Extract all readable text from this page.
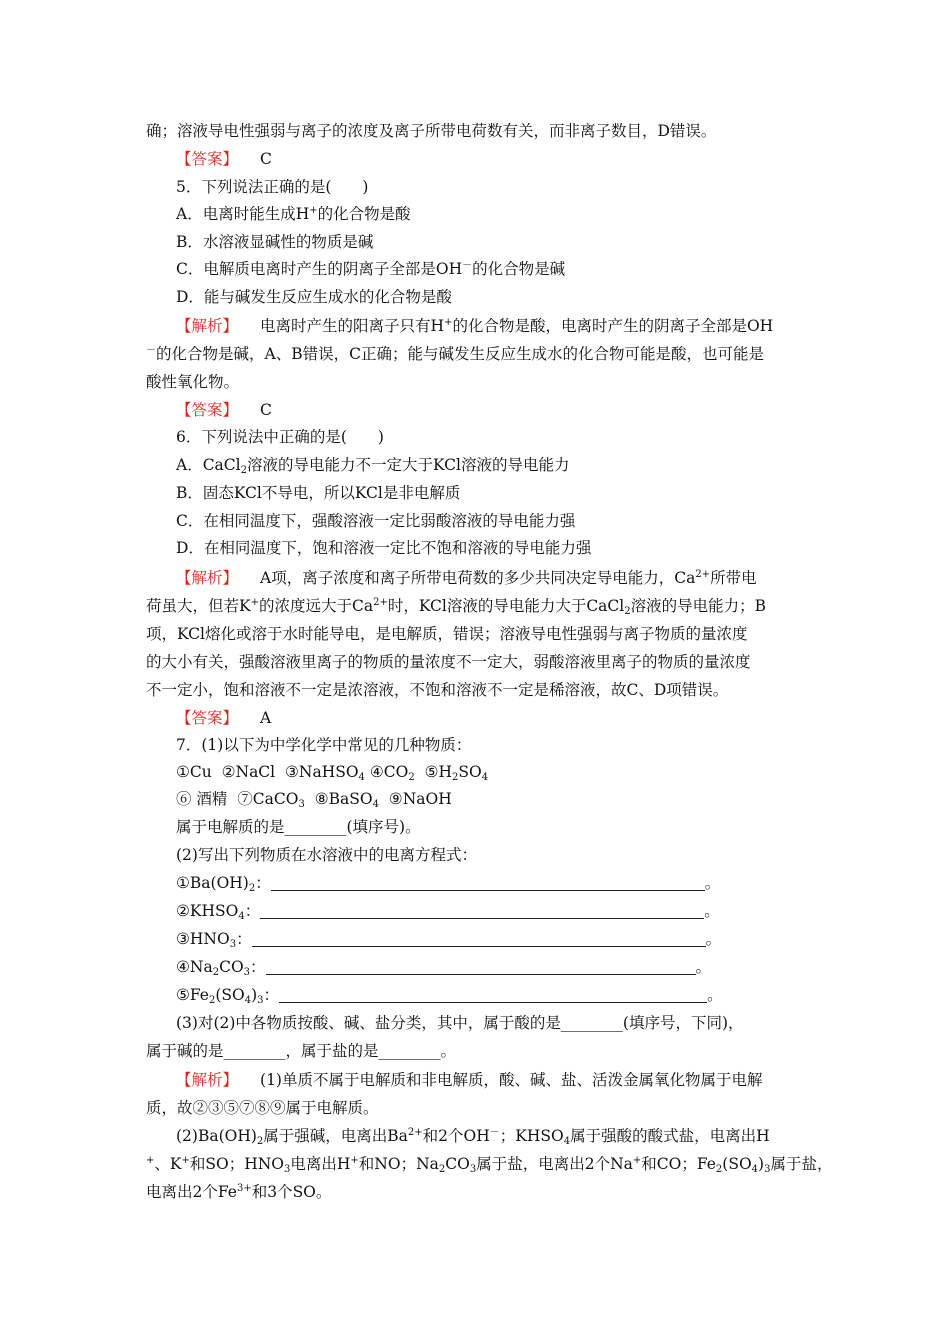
确；溶液导电性强弱与离子的浓度及离子所带电荷数有关，而非离子数目，D错误。
【答案】 C
5．下列说法正确的是(　　)
A．电离时能生成H+的化合物是酸
B．水溶液显碱性的物质是碱
C．电解质电离时产生的阴离子全部是OH－的化合物是碱
D．能与碱发生反应生成水的化合物是酸
【解析】 电离时产生的阳离子只有H+的化合物是酸，电离时产生的阴离子全部是OH
－的化合物是碱，A、B错误，C正确；能与碱发生反应生成水的化合物可能是酸，也可能是
酸性氧化物。
【答案】 C
6．下列说法中正确的是(　　)
A．CaCl$_2$溶液的导电能力不一定大于KCl溶液的导电能力
B．固态KCl不导电，所以KCl是非电解质
C．在相同温度下，强酸溶液一定比弱酸溶液的导电能力强
D．在相同温度下，饱和溶液一定比不饱和溶液的导电能力强
【解析】 A项，离子浓度和离子所带电荷数的多少共同决定导电能力，$Ca^{2+}$所带电
荷虽大，但若K+的浓度远大于$Ca^{2+}$时，KCl溶液的导电能力大于CaCl$_2$溶液的导电能力；B
项，KCl熔化或溶于水时能导电，是电解质，错误；溶液导电性强弱与离子物质的量浓度
的大小有关，强酸溶液里离子的物质的量浓度不一定大，弱酸溶液里离子的物质的量浓度
不一定小，饱和溶液不一定是浓溶液，不饱和溶液不一定是稀溶液，故C、D项错误。
【答案】 A
7．(1)以下为中学化学中常见的几种物质：
①Cu ②NaCl ③NaHSO$_4$ $④CO_2$ $⑤H_2SO_4$
⑥ 酒精 ⑦CaCO$_3$ ⑧BaSO$_4$ ⑨NaOH
属于电解质的是________(填序号)。
(2)写出下列物质在水溶液中的电离方程式：
$①Ba(OH)_2$：	。
$②KHSO_4$：	。
$③HNO_3$：	。
$④Na_2CO_3$：	。
$⑤Fe_2(SO_4)_3$：	。
(3)对(2)中各物质按酸、碱、盐分类，其中，属于酸的是________(填序号，下同)，
属于碱的是________，属于盐的是________。
【解析】 (1)单质不属于电解质和非电解质，酸、碱、盐、活泼金属氧化物属于电解
质，故②③⑤⑦⑧⑨属于电解质。
$(2)Ba(OH)_2$属于强碱，电离出$Ba^{2+}$和2个OH－；$KHSO_4$属于强酸的酸式盐，电离出H
+、K+和SO；$HNO_3$电离出H+和NO；$Na_2CO_3$属于盐，电离出2个Na+和CO；$Fe_2(SO_4)_3$属于盐，
电离出2个$Fe^{3+}$和3个SO。
